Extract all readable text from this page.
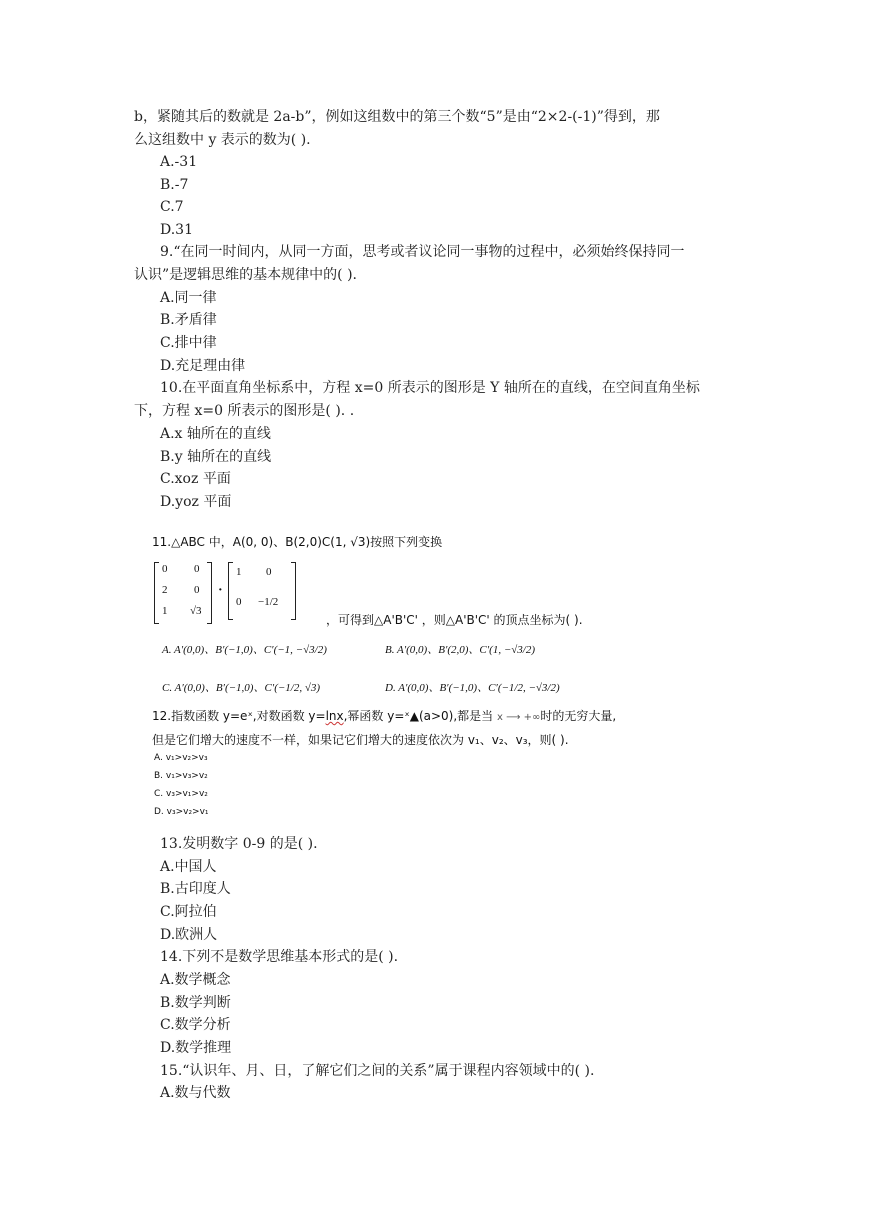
b，紧随其后的数就是 2a-b”，例如这组数中的第三个数“5”是由“2×2-(-1)”得到，那
么这组数中 y 表示的数为( ).
A.-31
B.-7
C.7
D.31
9.“在同一时间内，从同一方面，思考或者议论同一事物的过程中，必须始终保持同一
认识”是逻辑思维的基本规律中的( ).
A.同一律
B.矛盾律
C.排中律
D.充足理由律
10.在平面直角坐标系中，方程 x=0 所表示的图形是 Y 轴所在的直线，在空间直角坐标
下，方程 x=0 所表示的图形是( ). .
A.x 轴所在的直线
B.y 轴所在的直线
C.xoz 平面
D.yoz 平面
11.△ABC 中，A(0, 0)、B(2,0)C(1, √3)按照下列变换
0 0
2 0
1 √3
·
1 0
0 −1/2
，可得到△A'B'C' ，则△A'B'C' 的顶点坐标为( ).
A. A′(0,0)、B′(−1,0)、C′(−1, −√3/2)	B. A′(0,0)、B′(2,0)、C′(1, −√3/2)
C. A′(0,0)、B′(−1,0)、C′(−1/2, √3)	D. A′(0,0)、B′(−1,0)、C′(−1/2, −√3/2)
12.指数函数 y=eˣ,对数函数 y=lnx,幂函数 y=ˣ▲(a>0),都是当 x ⟶ +∞时的无穷大量,
但是它们增大的速度不一样，如果记它们增大的速度依次为 v₁、v₂、v₃，则( ).
A. v₁>v₂>v₃
B. v₁>v₃>v₂
C. v₃>v₁>v₂
D. v₃>v₂>v₁
13.发明数字 0-9 的是( ).
A.中国人
B.古印度人
C.阿拉伯
D.欧洲人
14.下列不是数学思维基本形式的是( ).
A.数学概念
B.数学判断
C.数学分析
D.数学推理
15.“认识年、月、日，了解它们之间的关系”属于课程内容领域中的( ).
A.数与代数
